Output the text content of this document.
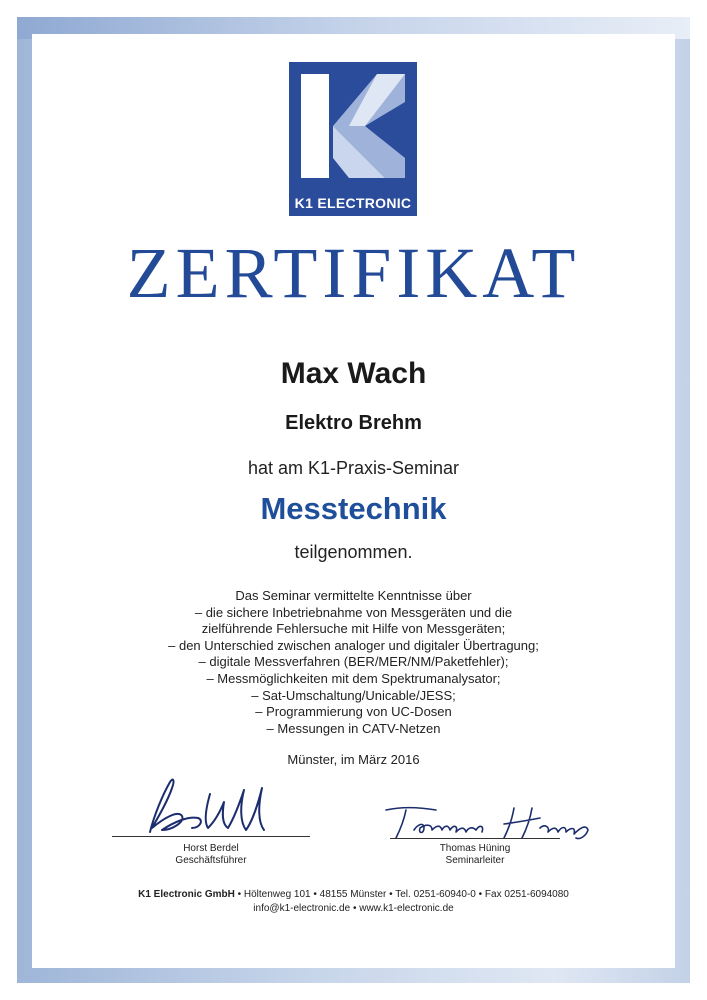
K1 ELECTRONIC
ZERTIFIKAT
Max Wach
Elektro Brehm
hat am K1-Praxis-Seminar
Messtechnik
teilgenommen.
Das Seminar vermittelte Kenntnisse über
– die sichere Inbetriebnahme von Messgeräten und die
zielführende Fehlersuche mit Hilfe von Messgeräten;
– den Unterschied zwischen analoger und digitaler Übertragung;
– digitale Messverfahren (BER/MER/NM/Paketfehler);
– Messmöglichkeiten mit dem Spektrumanalysator;
– Sat-Umschaltung/Unicable/JESS;
– Programmierung von UC-Dosen
– Messungen in CATV-Netzen
Münster, im März 2016
Horst Berdel
Geschäftsführer
Thomas Hüning
Seminarleiter
K1 Electronic GmbH • Höltenweg 101 • 48155 Münster • Tel. 0251-60940-0 • Fax 0251-6094080
info@k1-electronic.de • www.k1-electronic.de
